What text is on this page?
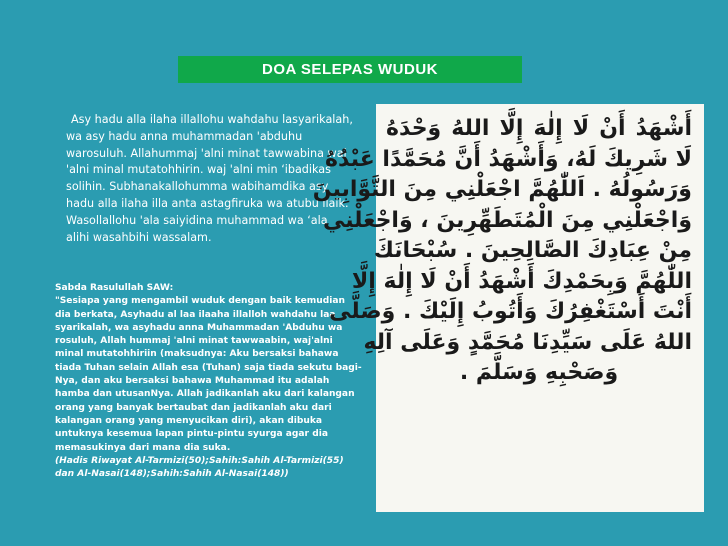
DOA SELEPAS WUDUK
Asy hadu alla ilaha illallohu wahdahu lasyarikalah,
wa asy hadu anna muhammadan 'abduhu
warosuluh. Allahummaj 'alni minat tawwabina waj
'alni minal mutatohhirin. waj 'alni min ‘ibadikas
solihin. Subhanakallohumma wabihamdika asy
hadu alla ilaha illa anta astagfiruka wa atubu ilaik.
Wasollallohu 'ala saiyidina muhammad wa ‘ala
alihi wasahbihi wassalam.
Sabda Rasulullah SAW:
"Sesiapa yang mengambil wuduk dengan baik kemudian
dia berkata, Asyhadu al laa ilaaha illalloh wahdahu laa
syarikalah, wa asyhadu anna Muhammadan 'Abduhu wa
rosuluh, Allah hummaj 'alni minat tawwaabin, waj'alni
minal mutatohhiriin (maksudnya: Aku bersaksi bahawa
tiada Tuhan selain Allah esa (Tuhan) saja tiada sekutu bagi-
Nya, dan aku bersaksi bahawa Muhammad itu adalah
hamba dan utusanNya. Allah jadikanlah aku dari kalangan
orang yang banyak bertaubat dan jadikanlah aku dari
kalangan orang yang menyucikan diri), akan dibuka
untuknya kesemua lapan pintu-pintu syurga agar dia
memasukinya dari mana dia suka.
(Hadis Riwayat Al-Tarmizi(50);Sahih:Sahih Al-Tarmizi(55)
dan Al-Nasai(148);Sahih:Sahih Al-Nasai(148))
أَشْهَدُ أَنْ لَا إِلٰهَ إِلَّا اللهُ وَحْدَهُ
لَا شَرِيكَ لَهُ، وَأَشْهَدُ أَنَّ مُحَمَّدًا عَبْدُهُ
وَرَسُولُهُ . اَللّٰهُمَّ اجْعَلْنِي مِنَ التَّوَّابِينَ
وَاجْعَلْنِي مِنَ الْمُتَطَهِّرِينَ ، وَاجْعَلْنِي
مِنْ عِبَادِكَ الصَّالِحِينَ . سُبْحَانَكَ
اللّٰهُمَّ وَبِحَمْدِكَ أَشْهَدُ أَنْ لَا إِلٰهَ إِلَّا
أَنْتَ أَسْتَغْفِرُكَ وَأَتُوبُ إِلَيْكَ . وَصَلَّى
اللهُ عَلَى سَيِّدِنَا مُحَمَّدٍ وَعَلَى آلِهِ
وَصَحْبِهِ وَسَلَّمَ .
